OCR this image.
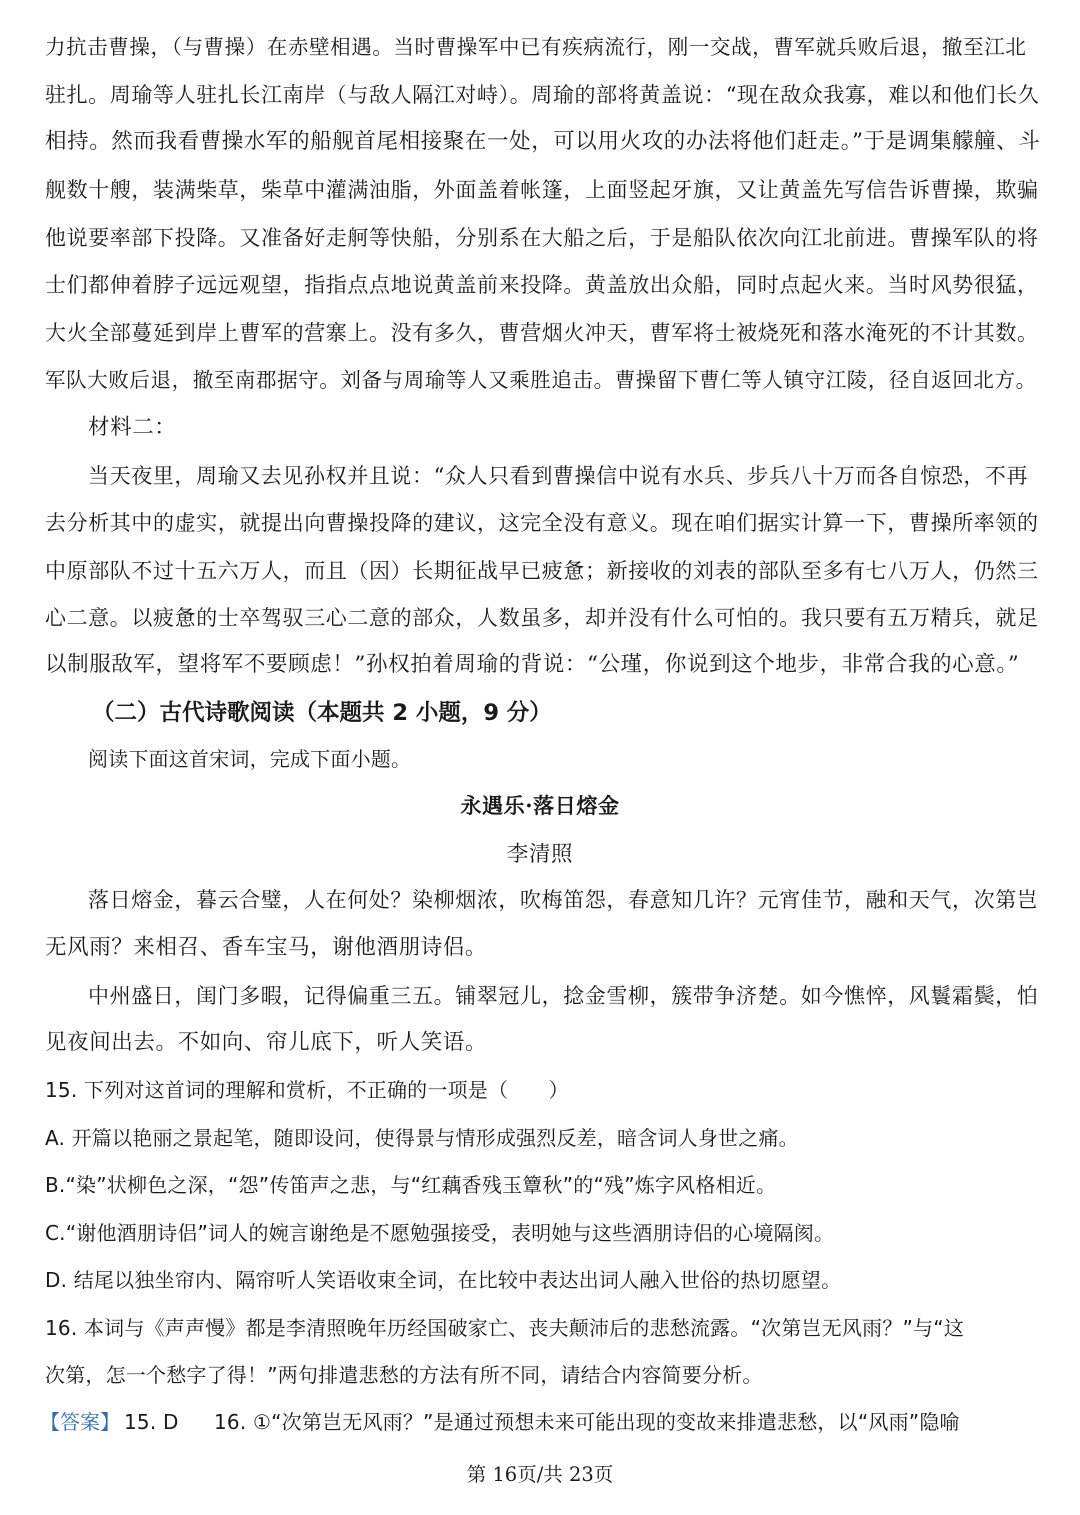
力抗击曹操，（与曹操）在赤壁相遇。当时曹操军中已有疾病流行，刚一交战，曹军就兵败后退，撤至江北

驻扎。周瑜等人驻扎长江南岸（与敌人隔江对峙）。周瑜的部将黄盖说：“现在敌众我寡，难以和他们长久

相持。然而我看曹操水军的船舰首尾相接聚在一处，可以用火攻的办法将他们赶走。”于是调集艨艟、斗

舰数十艘，装满柴草，柴草中灌满油脂，外面盖着帐篷，上面竖起牙旗，又让黄盖先写信告诉曹操，欺骗

他说要率部下投降。又准备好走舸等快船，分别系在大船之后，于是船队依次向江北前进。曹操军队的将

士们都伸着脖子远远观望，指指点点地说黄盖前来投降。黄盖放出众船，同时点起火来。当时风势很猛，

大火全部蔓延到岸上曹军的营寨上。没有多久，曹营烟火冲天，曹军将士被烧死和落水淹死的不计其数。

军队大败后退，撤至南郡据守。刘备与周瑜等人又乘胜追击。曹操留下曹仁等人镇守江陵，径自返回北方。

材料二：

当天夜里，周瑜又去见孙权并且说：“众人只看到曹操信中说有水兵、步兵八十万而各自惊恐，不再

去分析其中的虚实，就提出向曹操投降的建议，这完全没有意义。现在咱们据实计算一下，曹操所率领的

中原部队不过十五六万人，而且（因）长期征战早已疲惫；新接收的刘表的部队至多有七八万人，仍然三

心二意。以疲惫的士卒驾驭三心二意的部众，人数虽多，却并没有什么可怕的。我只要有五万精兵，就足

以制服敌军，望将军不要顾虑！”孙权拍着周瑜的背说：“公瑾，你说到这个地步，非常合我的心意。”

（二）古代诗歌阅读（本题共 2 小题，9 分）

阅读下面这首宋词，完成下面小题。

永遇乐·落日熔金

李清照

落日熔金，暮云合璧，人在何处？染柳烟浓，吹梅笛怨，春意知几许？元宵佳节，融和天气，次第岂

无风雨？来相召、香车宝马，谢他酒朋诗侣。

中州盛日，闺门多暇，记得偏重三五。铺翠冠儿，捻金雪柳，簇带争济楚。如今憔悴，风鬟霜鬓，怕

见夜间出去。不如向、帘儿底下，听人笑语。

15. 下列对这首词的理解和赏析，不正确的一项是（　　）

A. 开篇以艳丽之景起笔，随即设问，使得景与情形成强烈反差，暗含词人身世之痛。

B.“染”状柳色之深，“怨”传笛声之悲，与“红藕香残玉簟秋”的“残”炼字风格相近。

C.“谢他酒朋诗侣”词人的婉言谢绝是不愿勉强接受，表明她与这些酒朋诗侣的心境隔阂。

D. 结尾以独坐帘内、隔帘听人笑语收束全词，在比较中表达出词人融入世俗的热切愿望。

16. 本词与《声声慢》都是李清照晚年历经国破家亡、丧夫颠沛后的悲愁流露。“次第岂无风雨？”与“这

次第，怎一个愁字了得！”两句排遣悲愁的方法有所不同，请结合内容简要分析。

【答案】 15. D 16. ①“次第岂无风雨？”是通过预想未来可能出现的变故来排遣悲愁，以“风雨”隐喻

第 16页/共 23页
